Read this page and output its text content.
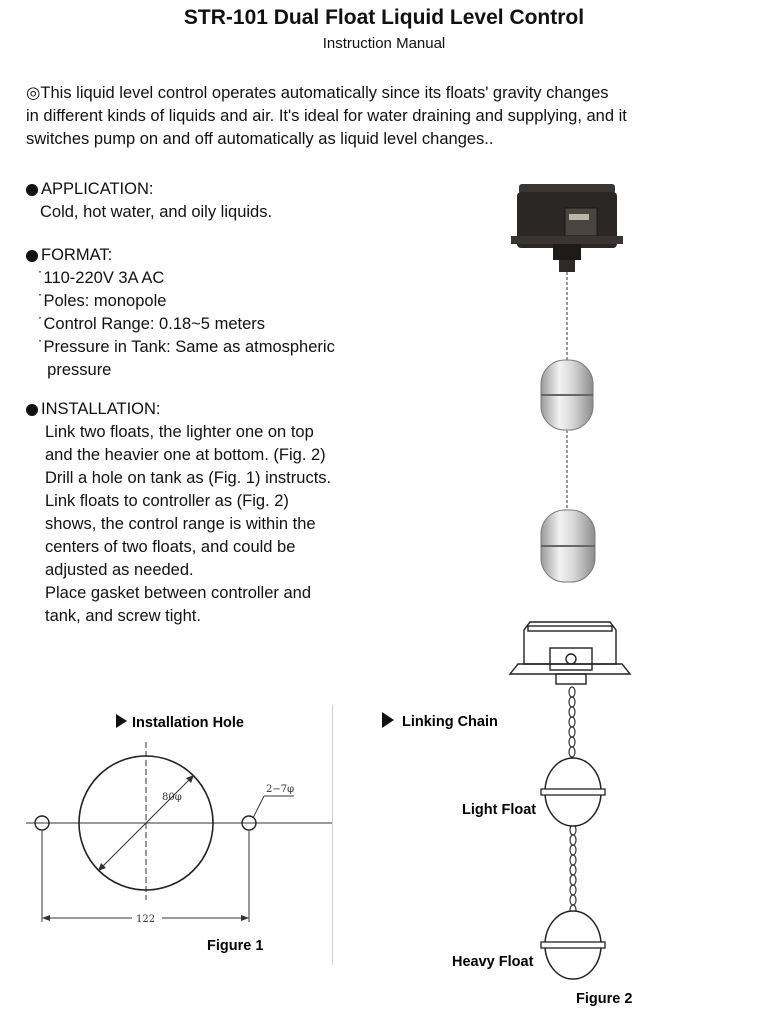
STR-101 Dual Float Liquid Level Control
Instruction Manual
◎This liquid level control operates automatically since its floats' gravity changes
in different kinds of liquids and air. It's ideal for water draining and supplying, and it
switches pump on and off automatically as liquid level changes..
APPLICATION:
Cold, hot water, and oily liquids.
FORMAT:
˙110-220V 3A AC
˙Poles: monopole
˙Control Range: 0.18~5 meters
˙Pressure in Tank: Same as atmospheric
pressure
INSTALLATION:
Link two floats, the lighter one on top
and the heavier one at bottom. (Fig. 2)
Drill a hole on tank as (Fig. 1) instructs.
Link floats to controller as (Fig. 2)
shows, the control range is within the
centers of two floats, and could be
adjusted as needed.
Place gasket between controller and
tank, and screw tight.
Installation Hole
80φ
2−7φ
122
Figure 1
Linking Chain
Light Float
Heavy Float
Figure 2
